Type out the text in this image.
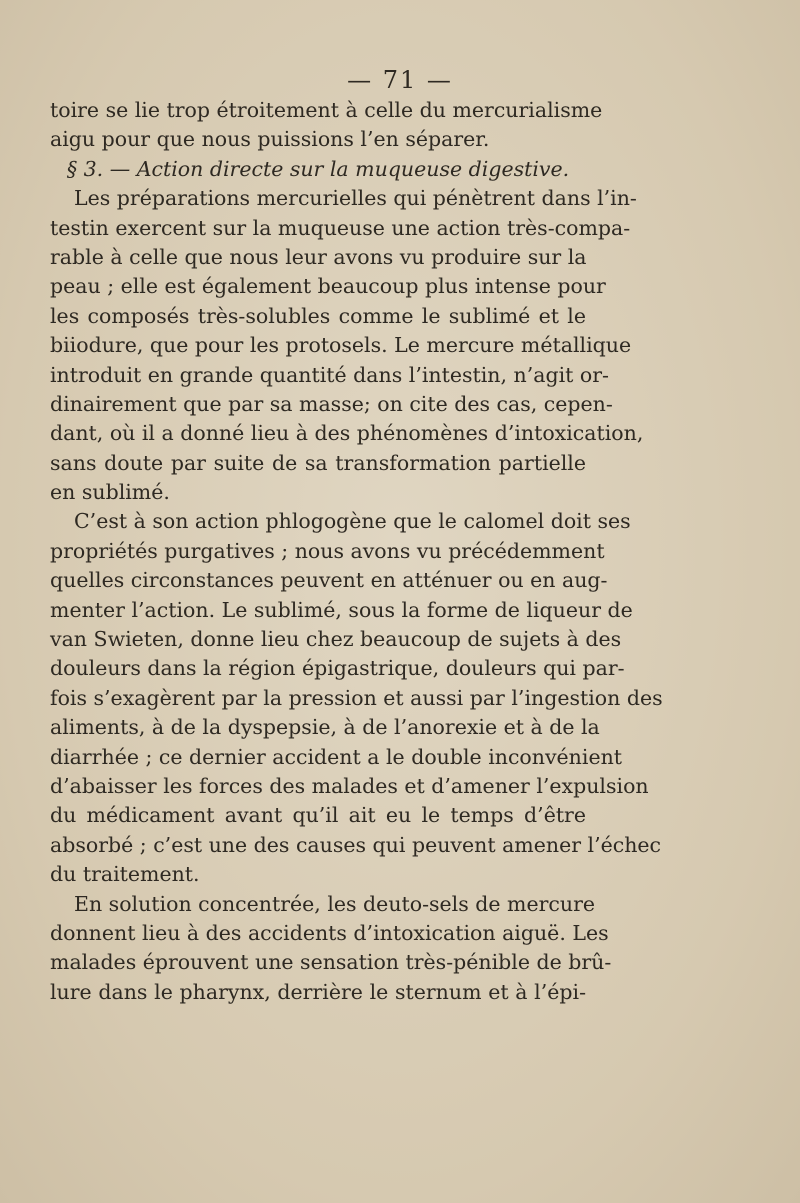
— 71 —
toire se lie trop étroitement à celle du mercurialisme
aigu pour que nous puissions l’en séparer.
§ 3. — Action directe sur la muqueuse digestive.
Les préparations mercurielles qui pénètrent dans l’in-
testin exercent sur la muqueuse une action très-compa-
rable à celle que nous leur avons vu produire sur la
peau ; elle est également beaucoup plus intense pour
les composés très-solubles comme le sublimé et le
biiodure, que pour les protosels. Le mercure métallique
introduit en grande quantité dans l’intestin, n’agit or-
dinairement que par sa masse; on cite des cas, cepen-
dant, où il a donné lieu à des phénomènes d’intoxication,
sans doute par suite de sa transformation partielle
en sublimé.
C’est à son action phlogogène que le calomel doit ses
propriétés purgatives ; nous avons vu précédemment
quelles circonstances peuvent en atténuer ou en aug-
menter l’action. Le sublimé, sous la forme de liqueur de
van Swieten, donne lieu chez beaucoup de sujets à des
douleurs dans la région épigastrique, douleurs qui par-
fois s’exagèrent par la pression et aussi par l’ingestion des
aliments, à de la dyspepsie, à de l’anorexie et à de la
diarrhée ; ce dernier accident a le double inconvénient
d’abaisser les forces des malades et d’amener l’expulsion
du médicament avant qu’il ait eu le temps d’être
absorbé ; c’est une des causes qui peuvent amener l’échec
du traitement.
En solution concentrée, les deuto-sels de mercure
donnent lieu à des accidents d’intoxication aiguë. Les
malades éprouvent une sensation très-pénible de brû-
lure dans le pharynx, derrière le sternum et à l’épi-
